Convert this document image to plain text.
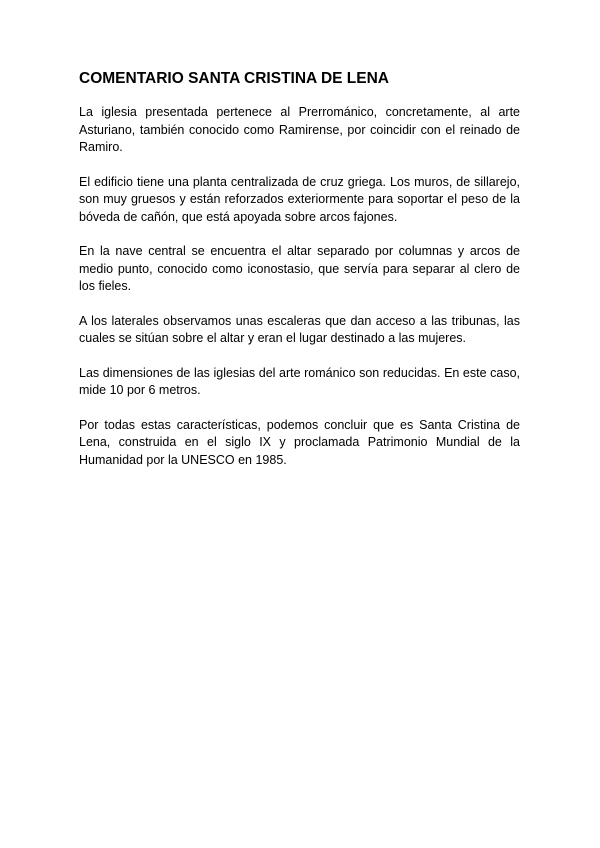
COMENTARIO SANTA CRISTINA DE LENA

La iglesia presentada pertenece al Prerrománico, concretamente, al arte Asturiano, también conocido como Ramirense, por coincidir con el reinado de Ramiro.

El edificio tiene una planta centralizada de cruz griega. Los muros, de sillarejo, son muy gruesos y están reforzados exteriormente para soportar el peso de la bóveda de cañón, que está apoyada sobre arcos fajones.

En la nave central se encuentra el altar separado por columnas y arcos de medio punto, conocido como iconostasio, que servía para separar al clero de los fieles.

A los laterales observamos unas escaleras que dan acceso a las tribunas, las cuales se sitúan sobre el altar y eran el lugar destinado a las mujeres.

Las dimensiones de las iglesias del arte románico son reducidas. En este caso, mide 10 por 6 metros.

Por todas estas características, podemos concluir que es Santa Cristina de Lena, construida en el siglo IX y proclamada Patrimonio Mundial de la Humanidad por la UNESCO en 1985.
